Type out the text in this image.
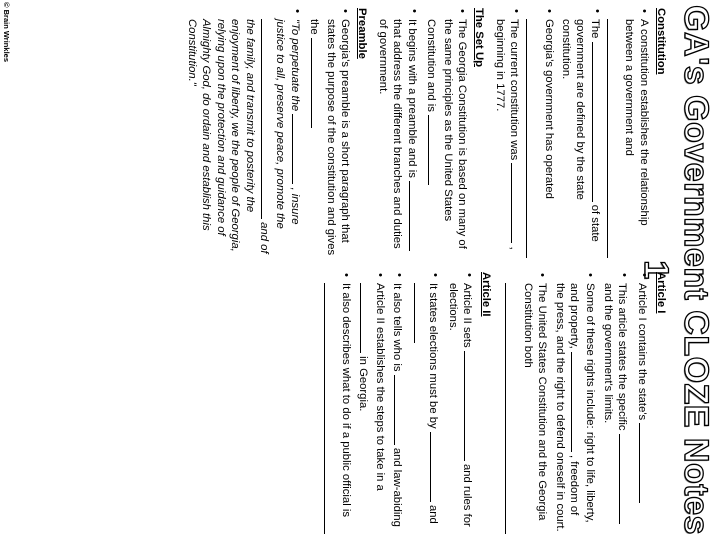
GA's Government CLOZE Notes 1
Constitution
• A constitution establishes the relationship between a government and
• The  of state government are defined by the state constitution.
• Georgia's government has operated
• The current constitution was  , beginning in 1777.
The Set Up
• The Georgia Constitution is based on many of the same principles as the United States Constitution and is
• It begins with a preamble and is  that address the different branches and duties of government.
Preamble
• Georgia's preamble is a short paragraph that states the purpose of the constitution and gives the
• "To perpetuate the  , insure justice to all, preserve peace, promote the  and of the family, and transmit to posterity the enjoyment of liberty, we the people of Georgia, relying upon the protection and guidance of Almighty God, do ordain and establish this Constitution."
Article I
• Article I contains the state's
• This article states the specific  and the government's limits.
• Some of these rights include: right to life, liberty, and property,  , freedom of the press, and the right to defend oneself in court.
• The United States Constitution and the Georgia Constitution both
Article II
• Article II sets  and rules for elections.
• It states elections must be by  and
• It also tells who is  and law-abiding
• Article II establishes the steps to take in a  in Georgia.
• It also describes what to do if a public official is
© Brain Wrinkles
